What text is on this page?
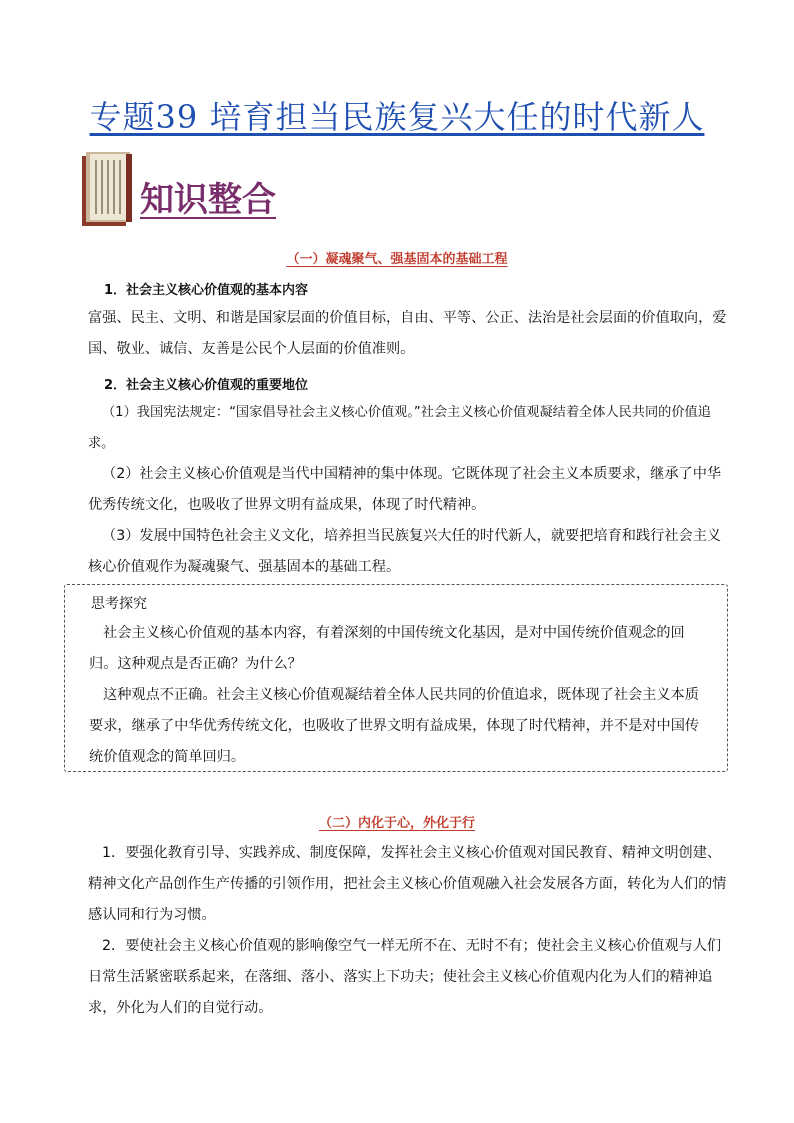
专题39 培育担当民族复兴大任的时代新人
知识整合
（一）凝魂聚气、强基固本的基础工程
1．社会主义核心价值观的基本内容

富强、民主、文明、和谐是国家层面的价值目标，自由、平等、公正、法治是社会层面的价值取向，爱国、敬业、诚信、友善是公民个人层面的价值准则。

2．社会主义核心价值观的重要地位

（1）我国宪法规定：“国家倡导社会主义核心价值观。”社会主义核心价值观凝结着全体人民共同的价值追求。

（2）社会主义核心价值观是当代中国精神的集中体现。它既体现了社会主义本质要求，继承了中华优秀传统文化，也吸收了世界文明有益成果，体现了时代精神。

（3）发展中国特色社会主义文化，培养担当民族复兴大任的时代新人，就要把培育和践行社会主义核心价值观作为凝魂聚气、强基固本的基础工程。

思考探究

社会主义核心价值观的基本内容，有着深刻的中国传统文化基因，是对中国传统价值观念的回归。这种观点是否正确？为什么？

这种观点不正确。社会主义核心价值观凝结着全体人民共同的价值追求，既体现了社会主义本质要求，继承了中华优秀传统文化，也吸收了世界文明有益成果，体现了时代精神，并不是对中国传统价值观念的简单回归。

（二）内化于心，外化于行

1．要强化教育引导、实践养成、制度保障，发挥社会主义核心价值观对国民教育、精神文明创建、精神文化产品创作生产传播的引领作用，把社会主义核心价值观融入社会发展各方面，转化为人们的情感认同和行为习惯。

2．要使社会主义核心价值观的影响像空气一样无所不在、无时不有；使社会主义核心价值观与人们日常生活紧密联系起来，在落细、落小、落实上下功夫；使社会主义核心价值观内化为人们的精神追求，外化为人们的自觉行动。
